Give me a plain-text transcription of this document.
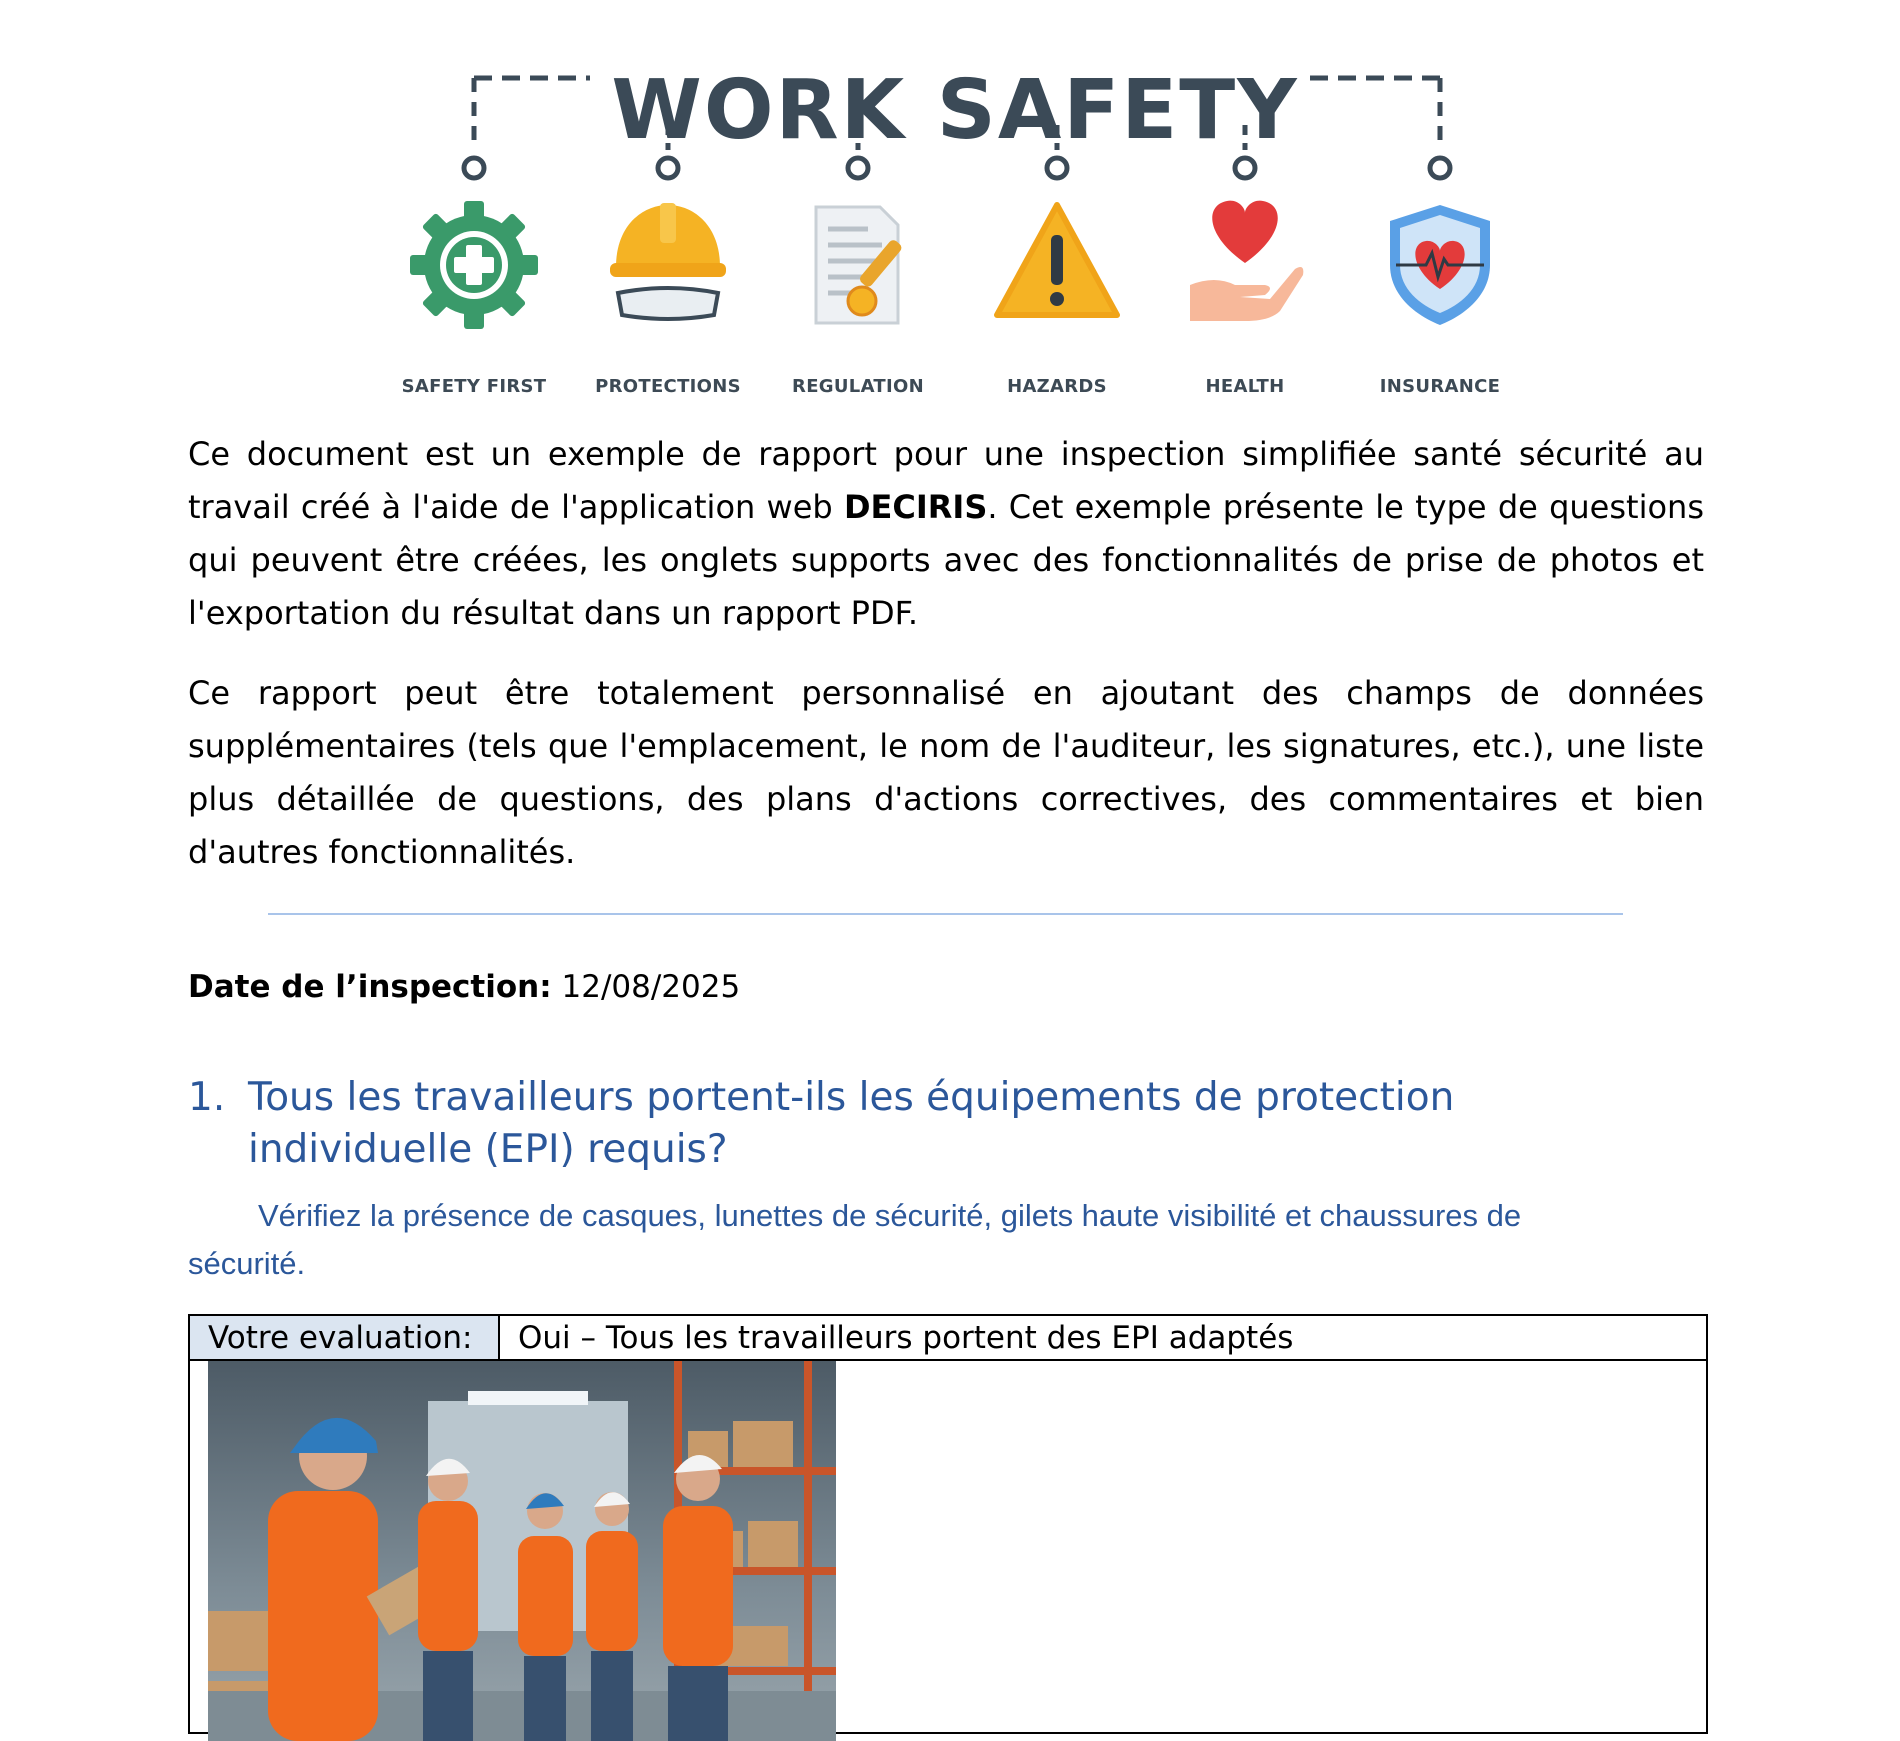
WORK SAFETY
SAFETY FIRST	PROTECTIONS	REGULATION	HAZARDS	HEALTH	INSURANCE
Ce document est un exemple de rapport pour une inspection simplifiée santé sécurité au travail créé à l'aide de l'application web DECIRIS. Cet exemple présente le type de questions qui peuvent être créées, les onglets supports avec des fonctionnalités de prise de photos et l'exportation du résultat dans un rapport PDF.
Ce rapport peut être totalement personnalisé en ajoutant des champs de données supplémentaires (tels que l'emplacement, le nom de l'auditeur, les signatures, etc.), une liste plus détaillée de questions, des plans d'actions correctives, des commentaires et bien d'autres fonctionnalités.
Date de l’inspection: 12/08/2025
1. Tous les travailleurs portent-ils les équipements de protection individuelle (EPI) requis?
Vérifiez la présence de casques, lunettes de sécurité, gilets haute visibilité et chaussures de sécurité.
Votre evaluation:	Oui – Tous les travailleurs portent des EPI adaptés
